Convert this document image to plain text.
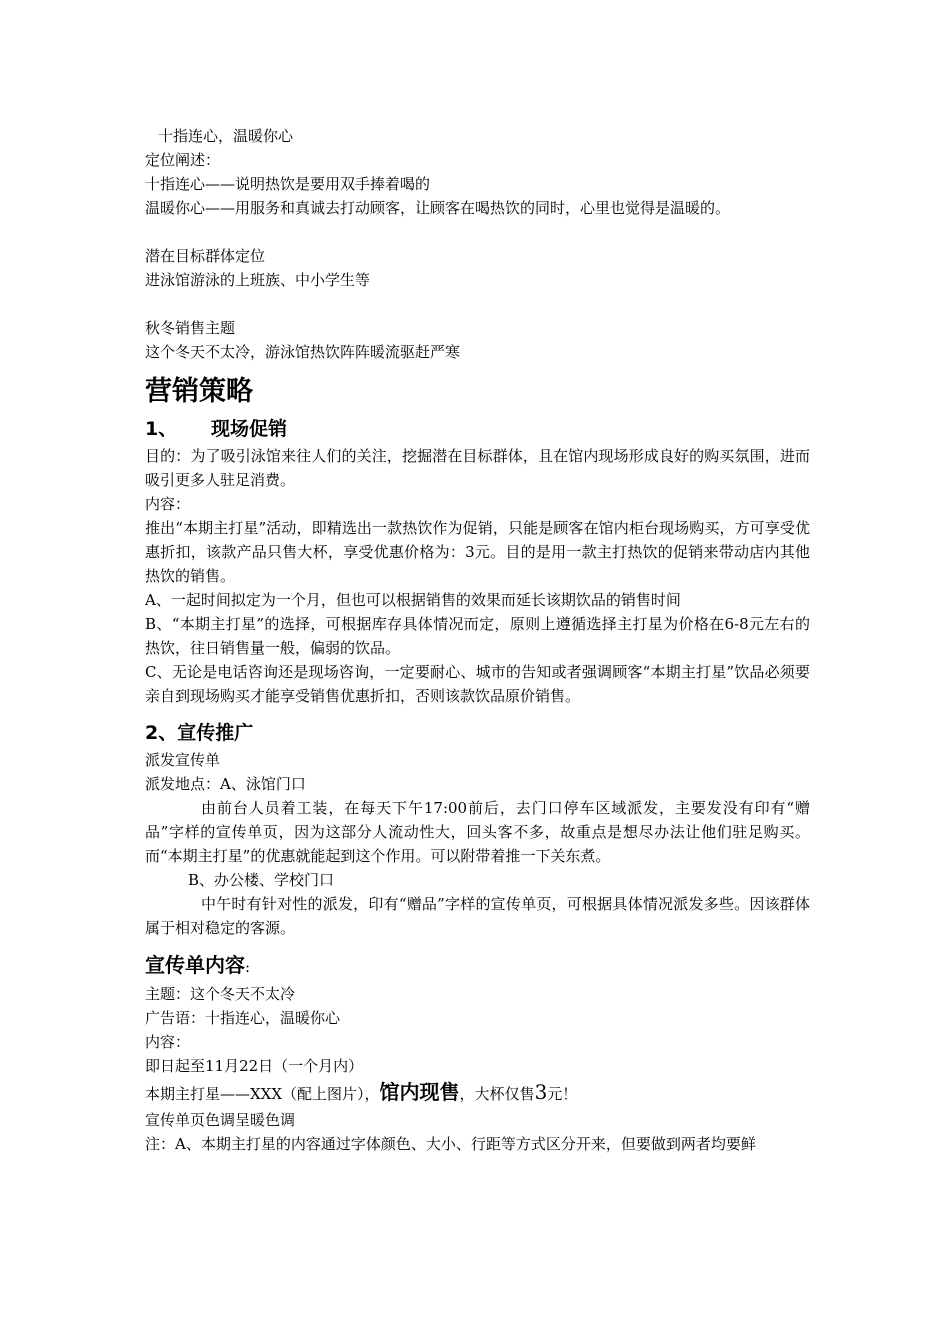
十指连心，温暖你心
定位阐述：
十指连心——说明热饮是要用双手捧着喝的
温暖你心——用服务和真诚去打动顾客，让顾客在喝热饮的同时，心里也觉得是温暖的。
潜在目标群体定位
进泳馆游泳的上班族、中小学生等
秋冬销售主题
这个冬天不太冷，游泳馆热饮阵阵暖流驱赶严寒
营销策略
1、 现场促销
目的：为了吸引泳馆来往人们的关注，挖掘潜在目标群体，且在馆内现场形成良好的购买氛围，进而吸引更多人驻足消费。
内容：
推出“本期主打星”活动，即精选出一款热饮作为促销，只能是顾客在馆内柜台现场购买，方可享受优惠折扣，该款产品只售大杯，享受优惠价格为：3元。目的是用一款主打热饮的促销来带动店内其他热饮的销售。
A、一起时间拟定为一个月，但也可以根据销售的效果而延长该期饮品的销售时间
B、“本期主打星”的选择，可根据库存具体情况而定，原则上遵循选择主打星为价格在6-8元左右的热饮，往日销售量一般，偏弱的饮品。
C、无论是电话咨询还是现场咨询，一定要耐心、城市的告知或者强调顾客“本期主打星”饮品必须要亲自到现场购买才能享受销售优惠折扣，否则该款饮品原价销售。
2、宣传推广
派发宣传单
派发地点：A、泳馆门口
由前台人员着工装，在每天下午17:00前后，去门口停车区域派发，主要发没有印有“赠品”字样的宣传单页，因为这部分人流动性大，回头客不多，故重点是想尽办法让他们驻足购买。而“本期主打星”的优惠就能起到这个作用。可以附带着推一下关东煮。
B、办公楼、学校门口
中午时有针对性的派发，印有“赠品”字样的宣传单页，可根据具体情况派发多些。因该群体属于相对稳定的客源。
宣传单内容:
主题：这个冬天不太冷
广告语：十指连心，温暖你心
内容：
即日起至11月22日（一个月内）
本期主打星——XXX（配上图片），馆内现售，大杯仅售3元！
宣传单页色调呈暖色调
注：A、本期主打星的内容通过字体颜色、大小、行距等方式区分开来，但要做到两者均要鲜
